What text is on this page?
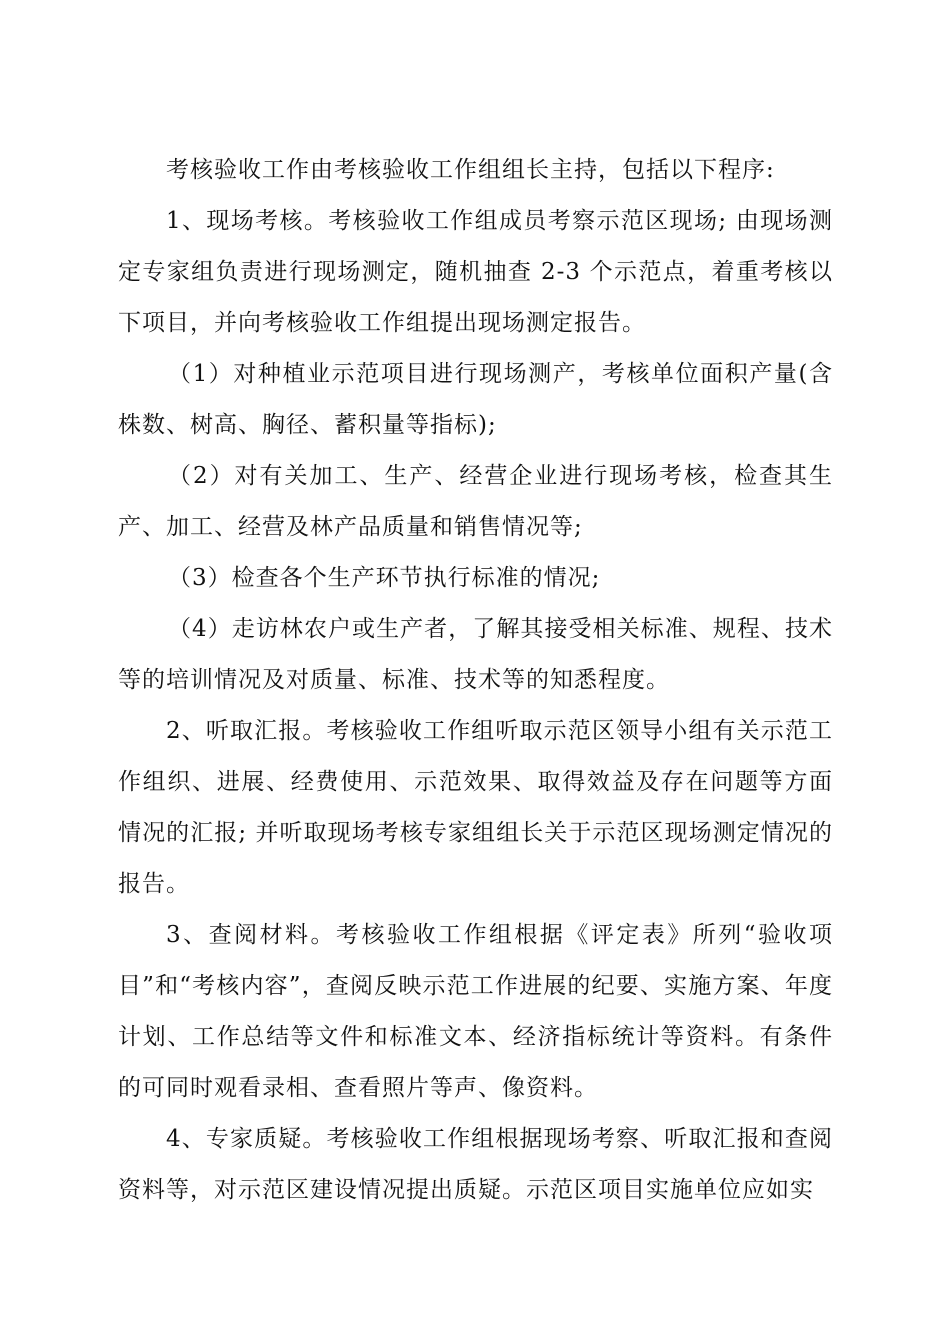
考核验收工作由考核验收工作组组长主持，包括以下程序:

1、现场考核。考核验收工作组成员考察示范区现场; 由现场测定专家组负责进行现场测定，随机抽查 2-3 个示范点，着重考核以下项目，并向考核验收工作组提出现场测定报告。

（1）对种植业示范项目进行现场测产，考核单位面积产量(含株数、树高、胸径、蓄积量等指标);

（2）对有关加工、生产、经营企业进行现场考核，检查其生产、加工、经营及林产品质量和销售情况等;

（3）检查各个生产环节执行标准的情况;

（4）走访林农户或生产者，了解其接受相关标准、规程、技术等的培训情况及对质量、标准、技术等的知悉程度。

2、听取汇报。考核验收工作组听取示范区领导小组有关示范工作组织、进展、经费使用、示范效果、取得效益及存在问题等方面情况的汇报; 并听取现场考核专家组组长关于示范区现场测定情况的报告。

3、查阅材料。考核验收工作组根据《评定表》所列“验收项目”和“考核内容”，查阅反映示范工作进展的纪要、实施方案、年度计划、工作总结等文件和标准文本、经济指标统计等资料。有条件的可同时观看录相、查看照片等声、像资料。

4、专家质疑。考核验收工作组根据现场考察、听取汇报和查阅资料等，对示范区建设情况提出质疑。示范区项目实施单位应如实
